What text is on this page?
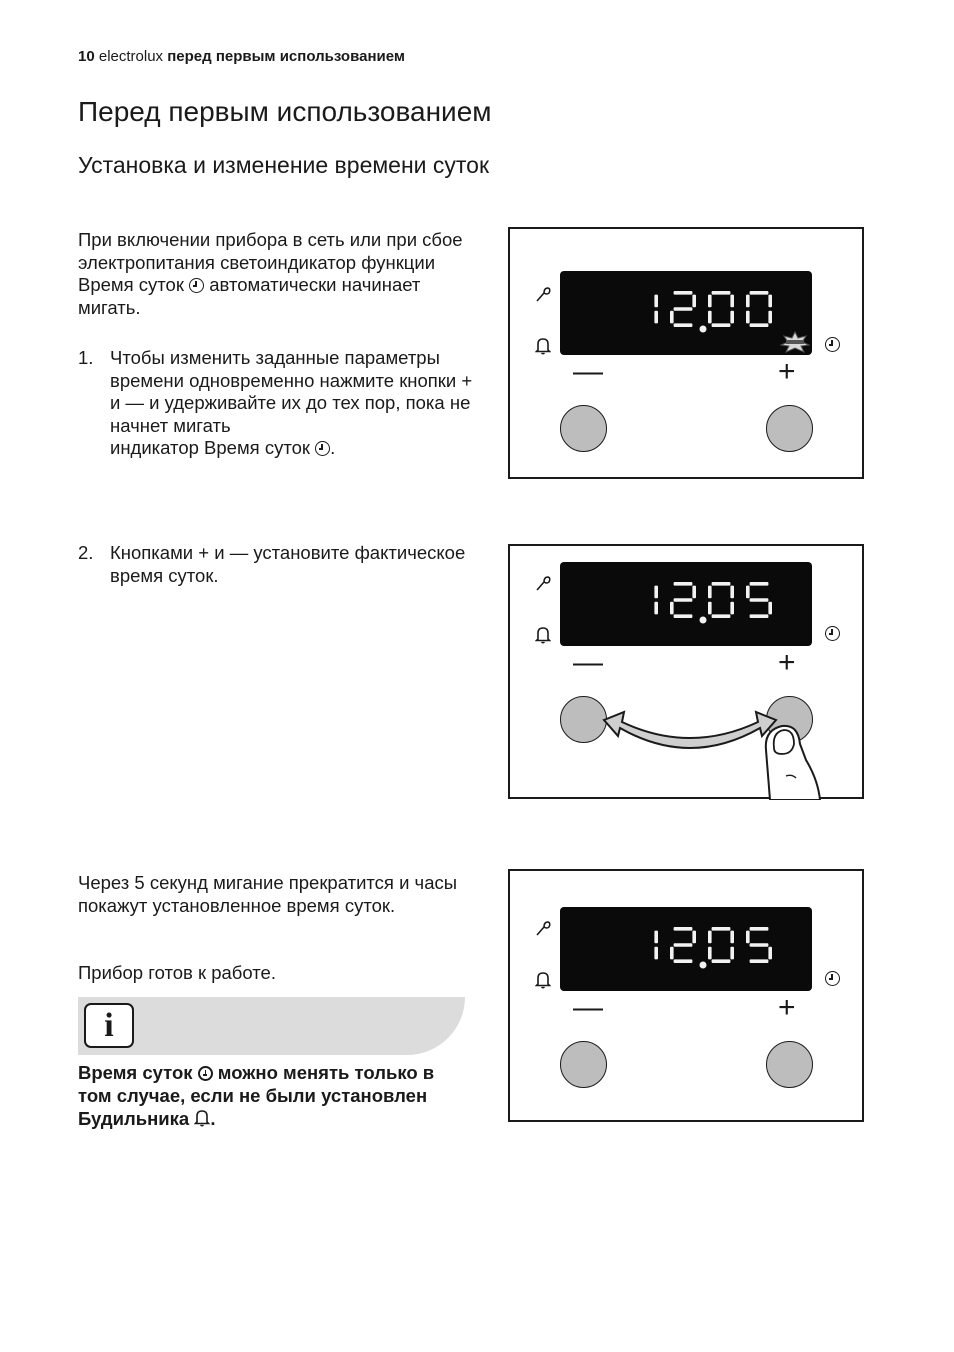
10 electrolux перед первым использованием
Перед первым использованием
Установка и изменение времени суток
При включении прибора в сеть или при сбое электропитания светоиндикатор функции Время суток  автоматически начинает мигать.
1. Чтобы изменить заданные параметры времени одновременно нажмите кнопки + и — и удерживайте их до тех пор, пока не начнет мигать
индикатор Время суток .
2. Кнопками + и — установите фактическое время суток.
Через 5 секунд мигание прекратится и часы покажут установленное время суток.
Прибор готов к работе.
i
Время суток  можно менять только в том случае, если не были установлен Будильника .
—	+
—	+
—	+
